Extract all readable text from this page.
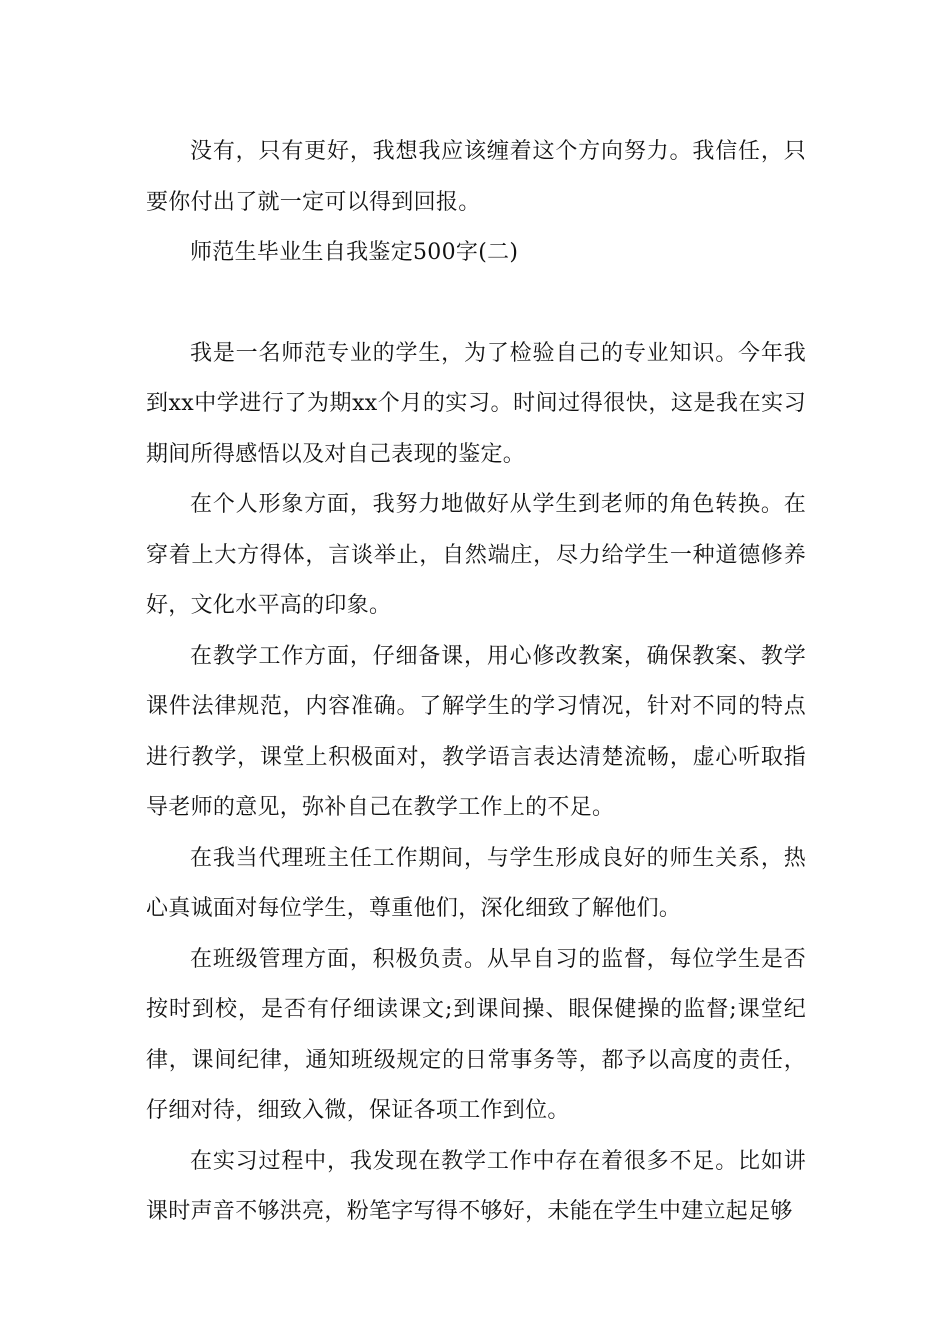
没有，只有更好，我想我应该缠着这个方向努力。我信任，只要你付出了就一定可以得到回报。

师范生毕业生自我鉴定500字(二)

我是一名师范专业的学生，为了检验自己的专业知识。今年我到xx中学进行了为期xx个月的实习。时间过得很快，这是我在实习期间所得感悟以及对自己表现的鉴定。

在个人形象方面，我努力地做好从学生到老师的角色转换。在穿着上大方得体，言谈举止，自然端庄，尽力给学生一种道德修养好，文化水平高的印象。

在教学工作方面，仔细备课，用心修改教案，确保教案、教学课件法律规范，内容准确。了解学生的学习情况，针对不同的特点进行教学，课堂上积极面对，教学语言表达清楚流畅，虚心听取指导老师的意见，弥补自己在教学工作上的不足。

在我当代理班主任工作期间，与学生形成良好的师生关系，热心真诚面对每位学生，尊重他们，深化细致了解他们。

在班级管理方面，积极负责。从早自习的监督，每位学生是否按时到校，是否有仔细读课文;到课间操、眼保健操的监督;课堂纪律，课间纪律，通知班级规定的日常事务等，都予以高度的责任，仔细对待，细致入微，保证各项工作到位。

在实习过程中，我发现在教学工作中存在着很多不足。比如讲课时声音不够洪亮，粉笔字写得不够好，未能在学生中建立起足够
